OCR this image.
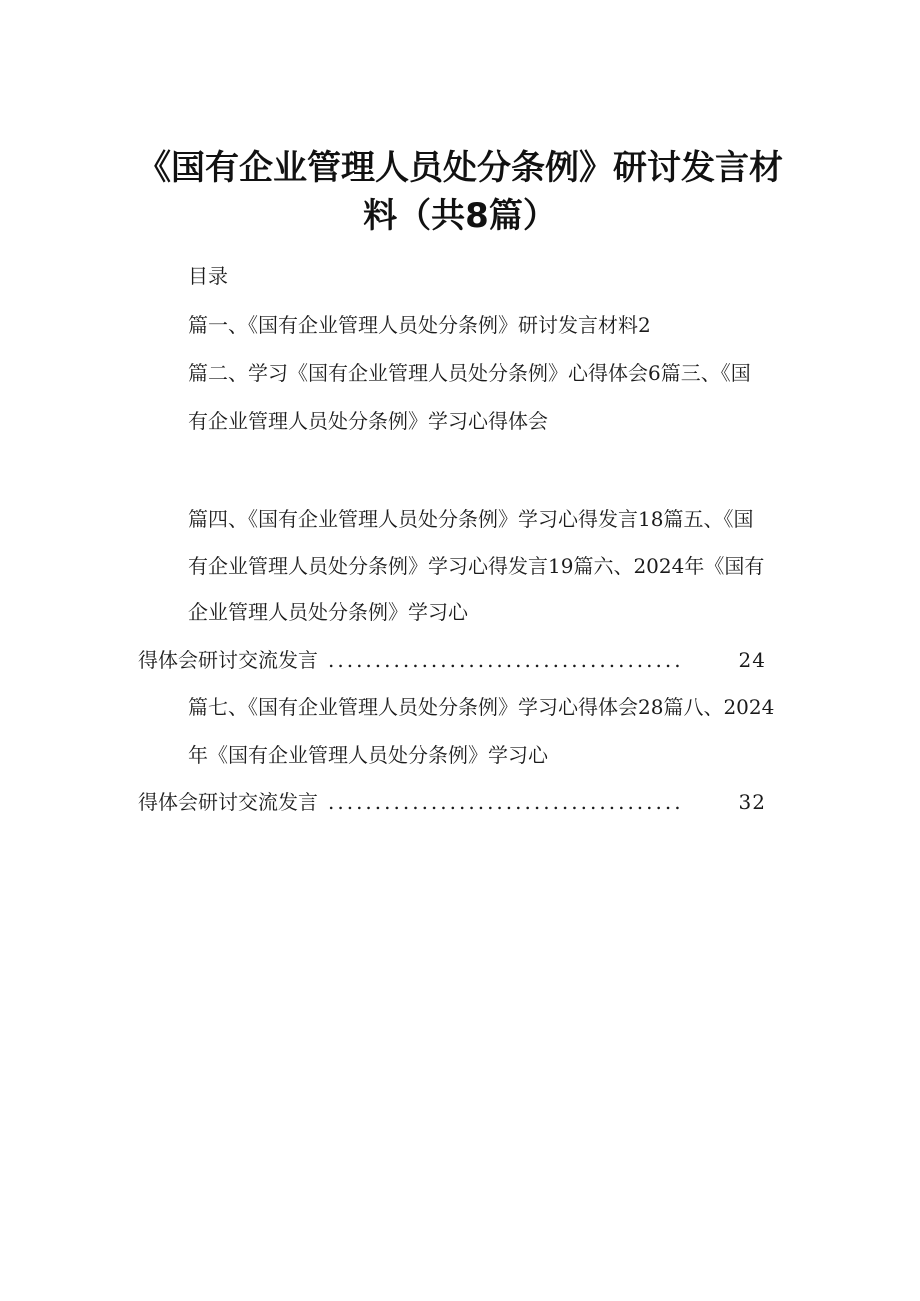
《国有企业管理人员处分条例》研讨发言材
料（共8篇）
目录
篇一、《国有企业管理人员处分条例》研讨发言材料2
篇二、学习《国有企业管理人员处分条例》心得体会6篇三、《国
有企业管理人员处分条例》学习心得体会
篇四、《国有企业管理人员处分条例》学习心得发言18篇五、《国
有企业管理人员处分条例》学习心得发言19篇六、2024年《国有
企业管理人员处分条例》学习心
得体会研讨交流发言 ......................................	24
篇七、《国有企业管理人员处分条例》学习心得体会28篇八、2024
年《国有企业管理人员处分条例》学习心
得体会研讨交流发言 ......................................	32
